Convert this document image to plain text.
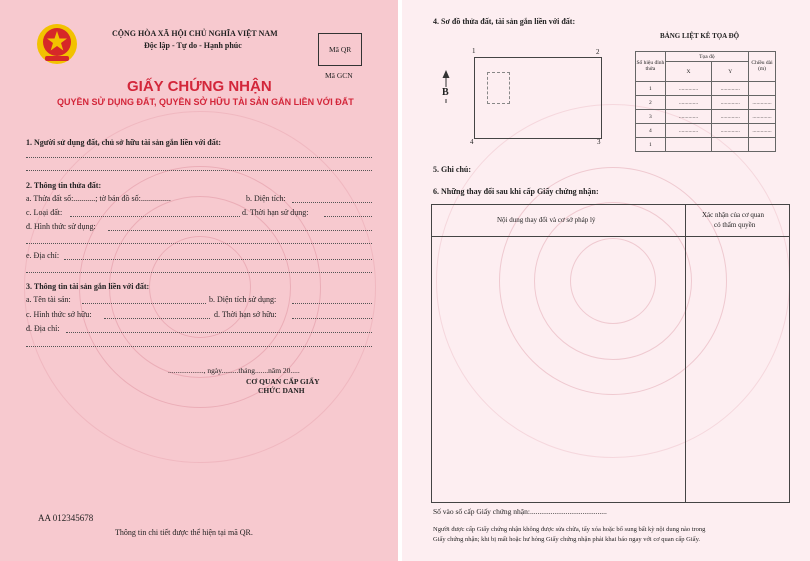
CỘNG HÒA XÃ HỘI CHỦ NGHĨA VIỆT NAM
Độc lập - Tự do - Hạnh phúc	Mã QR
Mã GCN
GIẤY CHỨNG NHẬN
QUYỀN SỬ DỤNG ĐẤT, QUYỀN SỞ HỮU TÀI SẢN GẮN LIỀN VỚI ĐẤT
1. Người sử dụng đất, chủ sở hữu tài sản gắn liền với đất:
2. Thông tin thửa đất:
a. Thửa đất số:...........; tờ bản đồ số:...............	b. Diện tích:
c. Loại đất:	d. Thời hạn sử dụng:
đ. Hình thức sử dụng:
e. Địa chỉ:
3. Thông tin tài sản gắn liền với đất:
a. Tên tài sản:	b. Diện tích sử dụng:
c. Hình thức sở hữu:	d. Thời hạn sở hữu:
đ. Địa chỉ:
..................., ngày.........tháng.......năm 20.....
CƠ QUAN CẤP GIẤY
CHỨC DANH
AA 012345678
Thông tin chi tiết được thể hiện tại mã QR.
4. Sơ đồ thửa đất, tài sản gắn liền với đất:
1	2
3
4
B
BẢNG LIỆT KÊ TỌA ĐỘ
Số hiệu đỉnh thửa	Tọa độ		Chiều dài (m)
	X	Y	
1	..............	..............	
2	..............	..............	..............
3	..............	..............	..............
4	..............	..............	..............
1			
5. Ghi chú:
6. Những thay đổi sau khi cấp Giấy chứng nhận:
Nội dung thay đổi và cơ sở pháp lý
Xác nhận của cơ quan
có thẩm quyền
Số vào sổ cấp Giấy chứng nhận:.........................................
Người được cấp Giấy chứng nhận không được sửa chữa, tẩy xóa hoặc bổ sung bất kỳ nội dung nào trong
Giấy chứng nhận; khi bị mất hoặc hư hỏng Giấy chứng nhận phải khai báo ngay với cơ quan cấp Giấy.
